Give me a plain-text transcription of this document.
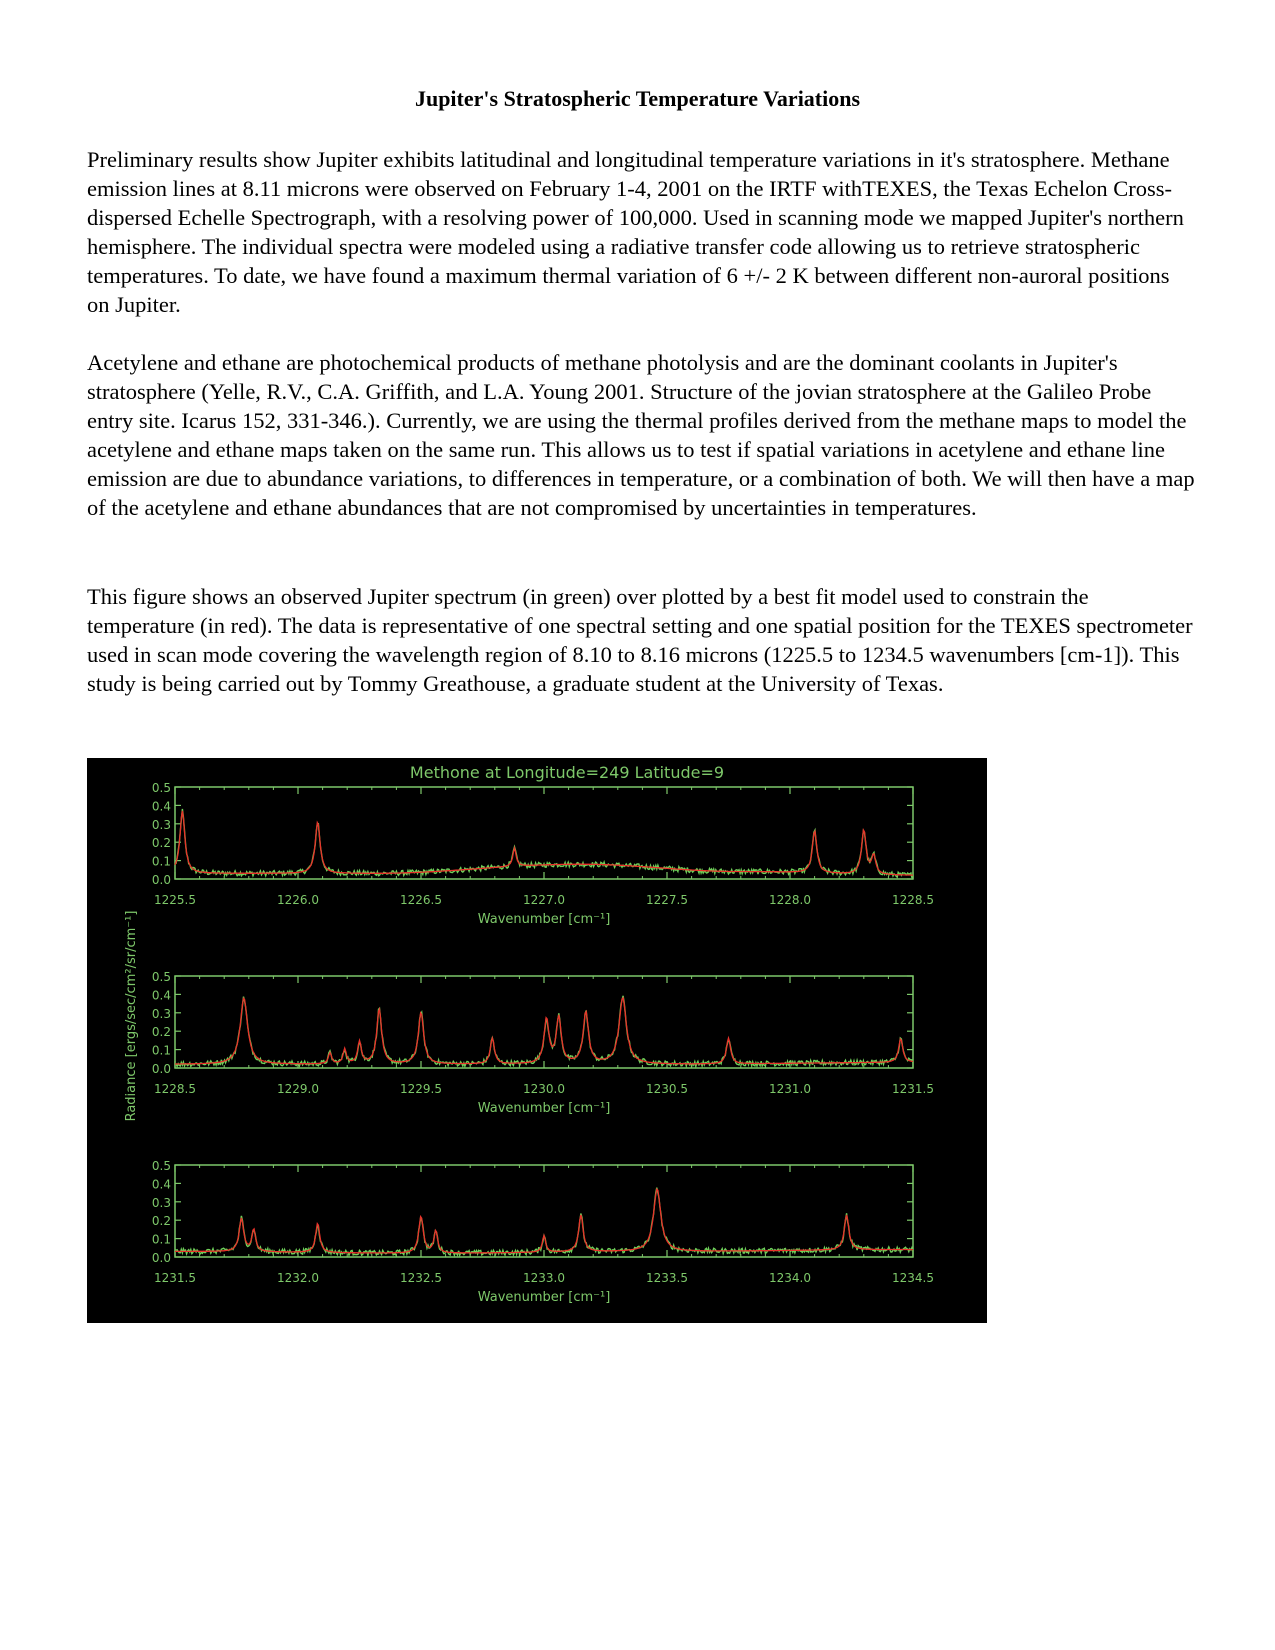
Jupiter's Stratospheric Temperature Variations
Preliminary results show Jupiter exhibits latitudinal and longitudinal temperature variations in it's stratosphere. Methane emission lines at 8.11 microns were observed on February 1-4, 2001 on the IRTF withTEXES, the Texas Echelon Cross-dispersed Echelle Spectrograph, with a resolving power of 100,000. Used in scanning mode we mapped Jupiter's northern hemisphere. The individual spectra were modeled using a radiative transfer code allowing us to retrieve stratospheric temperatures. To date, we have found a maximum thermal variation of 6 +/- 2 K between different non-auroral positions on Jupiter.
Acetylene and ethane are photochemical products of methane photolysis and are the dominant coolants in Jupiter's stratosphere (Yelle, R.V., C.A. Griffith, and L.A. Young 2001. Structure of the jovian stratosphere at the Galileo Probe entry site. Icarus 152, 331-346.). Currently, we are using the thermal profiles derived from the methane maps to model the acetylene and ethane maps taken on the same run. This allows us to test if spatial variations in acetylene and ethane line emission are due to abundance variations, to differences in temperature, or a combination of both. We will then have a map of the acetylene and ethane abundances that are not compromised by uncertainties in temperatures.
This figure shows an observed Jupiter spectrum (in green) over plotted by a best fit model used to constrain the temperature (in red). The data is representative of one spectral setting and one spatial position for the TEXES spectrometer used in scan mode covering the wavelength region of 8.10 to 8.16 microns (1225.5 to 1234.5 wavenumbers [cm-1]). This study is being carried out by Tommy Greathouse, a graduate student at the University of Texas.
Methone at Longitude=249 Latitude=9
Radiance [ergs/sec/cm²/sr/cm⁻¹]
0.0
0.1
0.2
0.3
0.4
0.5
1225.5	1226.0	1226.5	1227.0	1227.5	1228.0	1228.5
Wavenumber [cm⁻¹]
0.0
0.1
0.2
0.3
0.4
0.5
1228.5	1229.0	1229.5	1230.0	1230.5	1231.0	1231.5
Wavenumber [cm⁻¹]
0.0
0.1
0.2
0.3
0.4
0.5
1231.5	1232.0	1232.5	1233.0	1233.5	1234.0	1234.5
Wavenumber [cm⁻¹]
